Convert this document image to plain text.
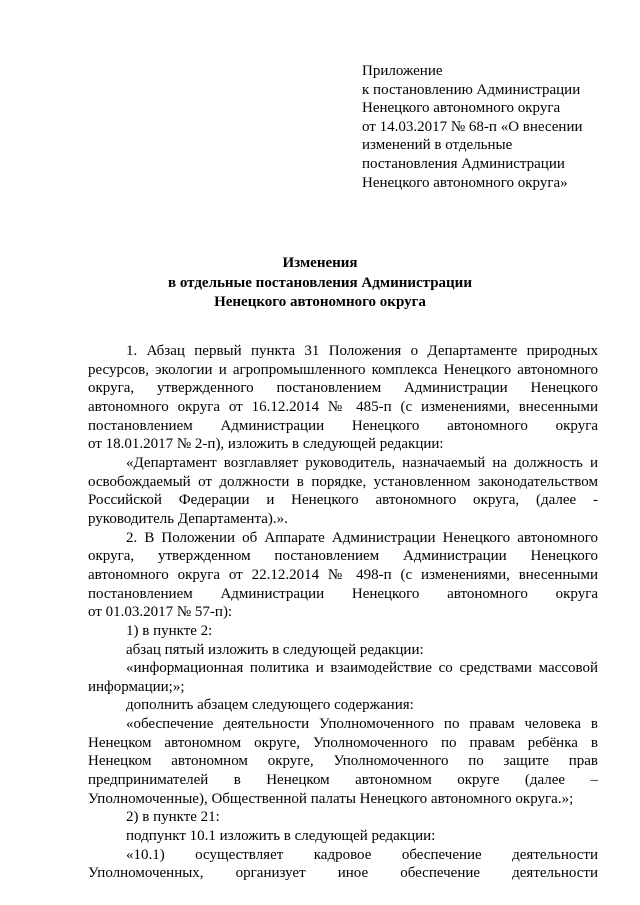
Приложение
к постановлению Администрации
Ненецкого автономного округа
от 14.03.2017 № 68-п «О внесении
изменений в отдельные
постановления Администрации
Ненецкого автономного округа»
Изменения
в отдельные постановления Администрации
Ненецкого автономного округа
1. Абзац первый пункта 31 Положения о Департаменте природных
ресурсов, экологии и агропромышленного комплекса Ненецкого автономного
округа, утвержденного постановлением Администрации Ненецкого
автономного округа от 16.12.2014 № 485-п (с изменениями, внесенными
постановлением Администрации Ненецкого автономного округа
от 18.01.2017 № 2-п), изложить в следующей редакции:
«Департамент возглавляет руководитель, назначаемый на должность и
освобождаемый от должности в порядке, установленном законодательством
Российской Федерации и Ненецкого автономного округа, (далее -
руководитель Департамента).».
2. В Положении об Аппарате Администрации Ненецкого автономного
округа, утвержденном постановлением Администрации Ненецкого
автономного округа от 22.12.2014 № 498-п (с изменениями, внесенными
постановлением Администрации Ненецкого автономного округа
от 01.03.2017 № 57-п):
1) в пункте 2:
абзац пятый изложить в следующей редакции:
«информационная политика и взаимодействие со средствами массовой
информации;»;
дополнить абзацем следующего содержания:
«обеспечение деятельности Уполномоченного по правам человека в
Ненецком автономном округе, Уполномоченного по правам ребёнка в
Ненецком автономном округе, Уполномоченного по защите прав
предпринимателей в Ненецком автономном округе (далее –
Уполномоченные), Общественной палаты Ненецкого автономного округа.»;
2) в пункте 21:
подпункт 10.1 изложить в следующей редакции:
«10.1) осуществляет кадровое обеспечение деятельности
Уполномоченных, организует иное обеспечение деятельности
